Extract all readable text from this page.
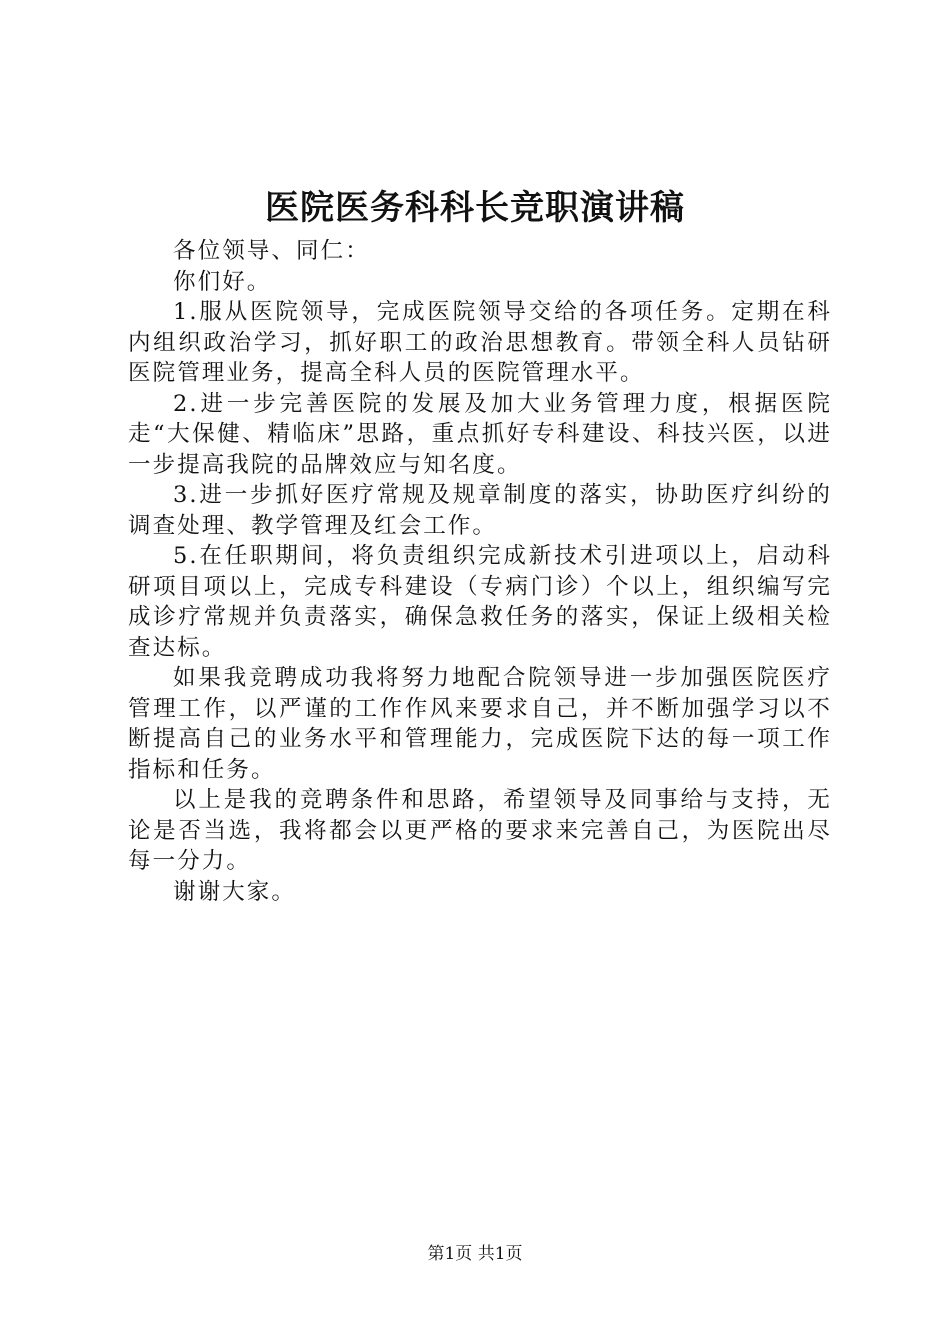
医院医务科科长竞职演讲稿

各位领导、同仁：

你们好。

1.服从医院领导，完成医院领导交给的各项任务。定期在科内组织政治学习，抓好职工的政治思想教育。带领全科人员钻研医院管理业务，提高全科人员的医院管理水平。

2.进一步完善医院的发展及加大业务管理力度，根据医院走“大保健、精临床”思路，重点抓好专科建设、科技兴医，以进一步提高我院的品牌效应与知名度。

3.进一步抓好医疗常规及规章制度的落实，协助医疗纠纷的调查处理、教学管理及红会工作。

5.在任职期间，将负责组织完成新技术引进项以上，启动科研项目项以上，完成专科建设（专病门诊）个以上，组织编写完成诊疗常规并负责落实，确保急救任务的落实，保证上级相关检查达标。

如果我竞聘成功我将努力地配合院领导进一步加强医院医疗管理工作，以严谨的工作作风来要求自己，并不断加强学习以不断提高自己的业务水平和管理能力，完成医院下达的每一项工作指标和任务。

以上是我的竞聘条件和思路，希望领导及同事给与支持，无论是否当选，我将都会以更严格的要求来完善自己，为医院出尽每一分力。

谢谢大家。

第1页 共1页
